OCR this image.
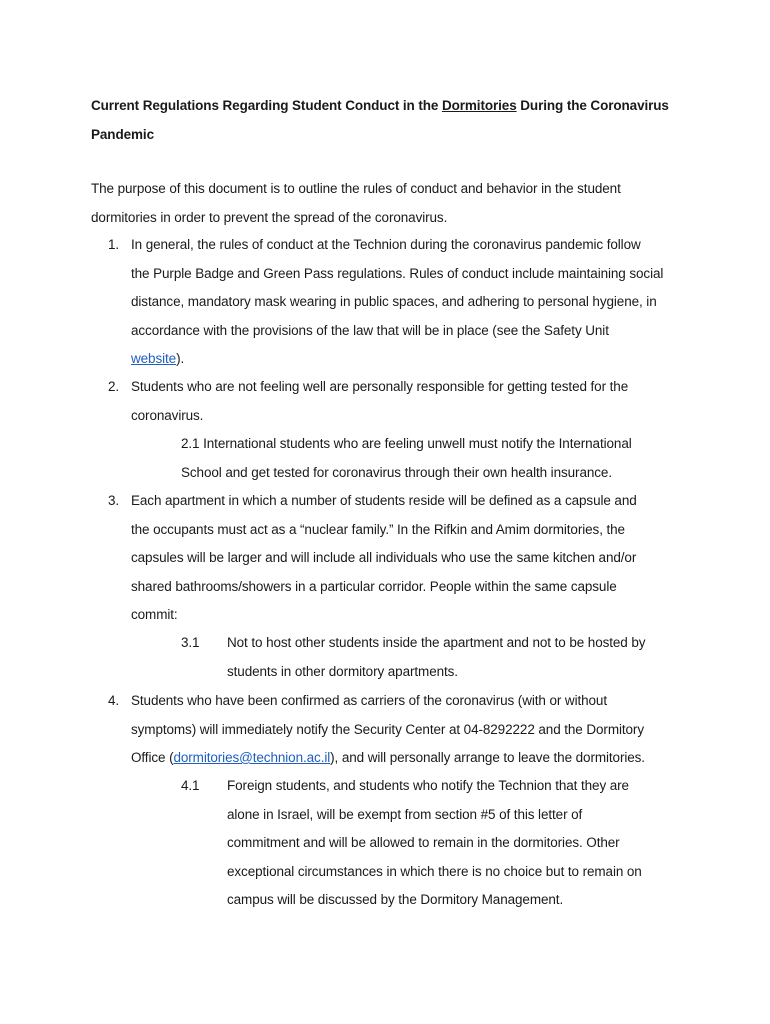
Current Regulations Regarding Student Conduct in the Dormitories During the Coronavirus
Pandemic
The purpose of this document is to outline the rules of conduct and behavior in the student
dormitories in order to prevent the spread of the coronavirus.
1. In general, the rules of conduct at the Technion during the coronavirus pandemic follow
the Purple Badge and Green Pass regulations. Rules of conduct include maintaining social
distance, mandatory mask wearing in public spaces, and adhering to personal hygiene, in
accordance with the provisions of the law that will be in place (see the Safety Unit
website).
2. Students who are not feeling well are personally responsible for getting tested for the
coronavirus.
2.1 International students who are feeling unwell must notify the International
School and get tested for coronavirus through their own health insurance.
3. Each apartment in which a number of students reside will be defined as a capsule and
the occupants must act as a “nuclear family.” In the Rifkin and Amim dormitories, the
capsules will be larger and will include all individuals who use the same kitchen and/or
shared bathrooms/showers in a particular corridor. People within the same capsule
commit:
3.1 Not to host other students inside the apartment and not to be hosted by
students in other dormitory apartments.
4. Students who have been confirmed as carriers of the coronavirus (with or without
symptoms) will immediately notify the Security Center at 04-8292222 and the Dormitory
Office (dormitories@technion.ac.il), and will personally arrange to leave the dormitories.
4.1 Foreign students, and students who notify the Technion that they are
alone in Israel, will be exempt from section #5 of this letter of
commitment and will be allowed to remain in the dormitories. Other
exceptional circumstances in which there is no choice but to remain on
campus will be discussed by the Dormitory Management.
